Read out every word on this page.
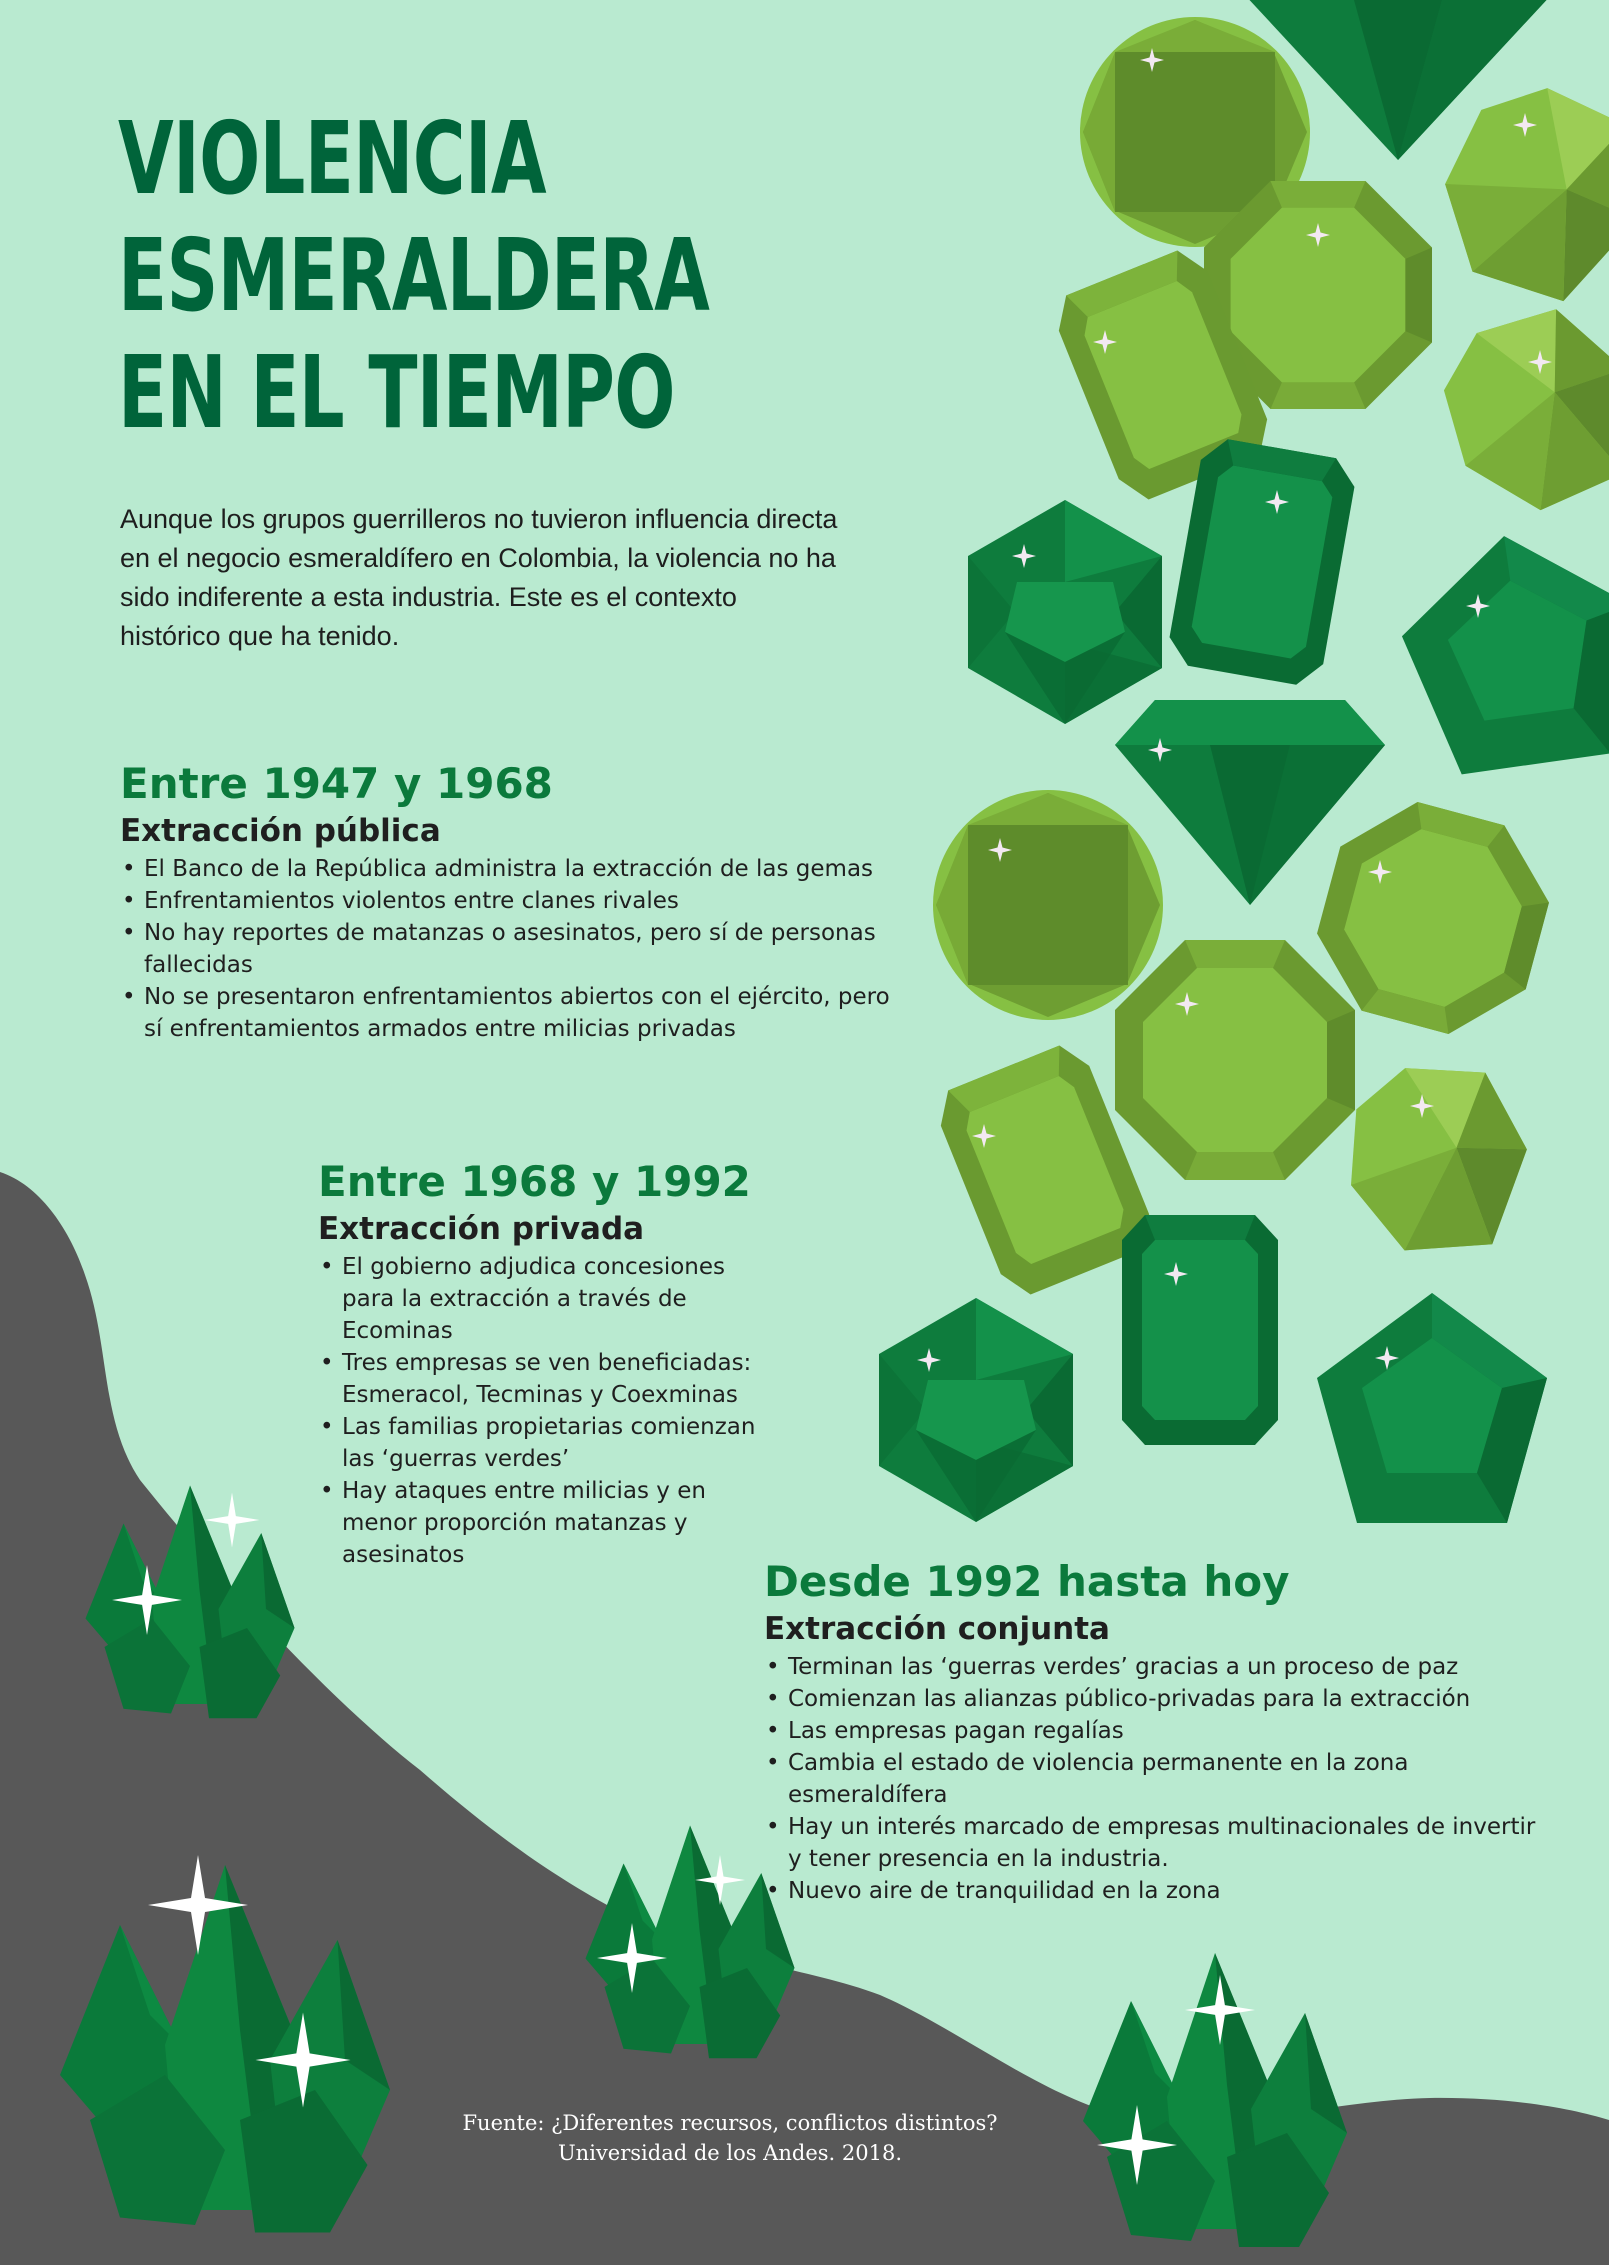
VIOLENCIA
ESMERALDERA
EN EL TIEMPO

Aunque los grupos guerrilleros no tuvieron influencia directa en el negocio esmeraldífero en Colombia, la violencia no ha sido indiferente a esta industria. Este es el contexto histórico que ha tenido.

Entre 1947 y 1968
Extracción pública
• El Banco de la República administra la extracción de las gemas
• Enfrentamientos violentos entre clanes rivales
• No hay reportes de matanzas o asesinatos, pero sí de personas fallecidas
• No se presentaron enfrentamientos abiertos con el ejército, pero sí enfrentamientos armados entre milicias privadas
Entre 1968 y 1992
Extracción privada
• El gobierno adjudica concesiones para la extracción a través de Ecominas
• Tres empresas se ven beneficiadas: Esmeracol, Tecminas y Coexminas
• Las familias propietarias comienzan las ‘guerras verdes’
• Hay ataques entre milicias y en menor proporción matanzas y asesinatos
Desde 1992 hasta hoy
Extracción conjunta
• Terminan las ‘guerras verdes’ gracias a un proceso de paz
• Comienzan las alianzas público-privadas para la extracción
• Las empresas pagan regalías
• Cambia el estado de violencia permanente en la zona esmeraldífera
• Hay un interés marcado de empresas multinacionales de invertir y tener presencia en la industria.
• Nuevo aire de tranquilidad en la zona
Fuente: ¿Diferentes recursos, conflictos distintos?
Universidad de los Andes. 2018.
